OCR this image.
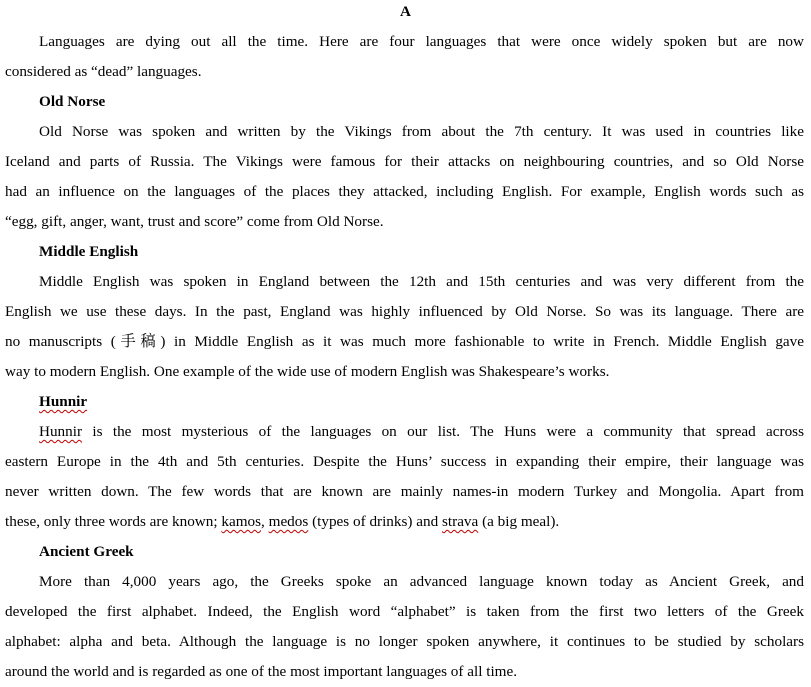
A
Languages are dying out all the time. Here are four languages that were once widely spoken but are now
considered as “dead” languages.
Old Norse
Old Norse was spoken and written by the Vikings from about the 7th century. It was used in countries like
Iceland and parts of Russia. The Vikings were famous for their attacks on neighbouring countries, and so Old Norse
had an influence on the languages of the places they attacked, including English. For example, English words such as
“egg, gift, anger, want, trust and score” come from Old Norse.
Middle English
Middle English was spoken in England between the 12th and 15th centuries and was very different from the
English we use these days. In the past, England was highly influenced by Old Norse. So was its language. There are
no manuscripts (手稿) in Middle English as it was much more fashionable to write in French. Middle English gave
way to modern English. One example of the wide use of modern English was Shakespeare’s works.
Hunnir
Hunnir is the most mysterious of the languages on our list. The Huns were a community that spread across
eastern Europe in the 4th and 5th centuries. Despite the Huns’ success in expanding their empire, their language was
never written down. The few words that are known are mainly names-in modern Turkey and Mongolia. Apart from
these, only three words are known; kamos, medos (types of drinks) and strava (a big meal).
Ancient Greek
More than 4,000 years ago, the Greeks spoke an advanced language known today as Ancient Greek, and
developed the first alphabet. Indeed, the English word “alphabet” is taken from the first two letters of the Greek
alphabet: alpha and beta. Although the language is no longer spoken anywhere, it continues to be studied by scholars
around the world and is regarded as one of the most important languages of all time.
